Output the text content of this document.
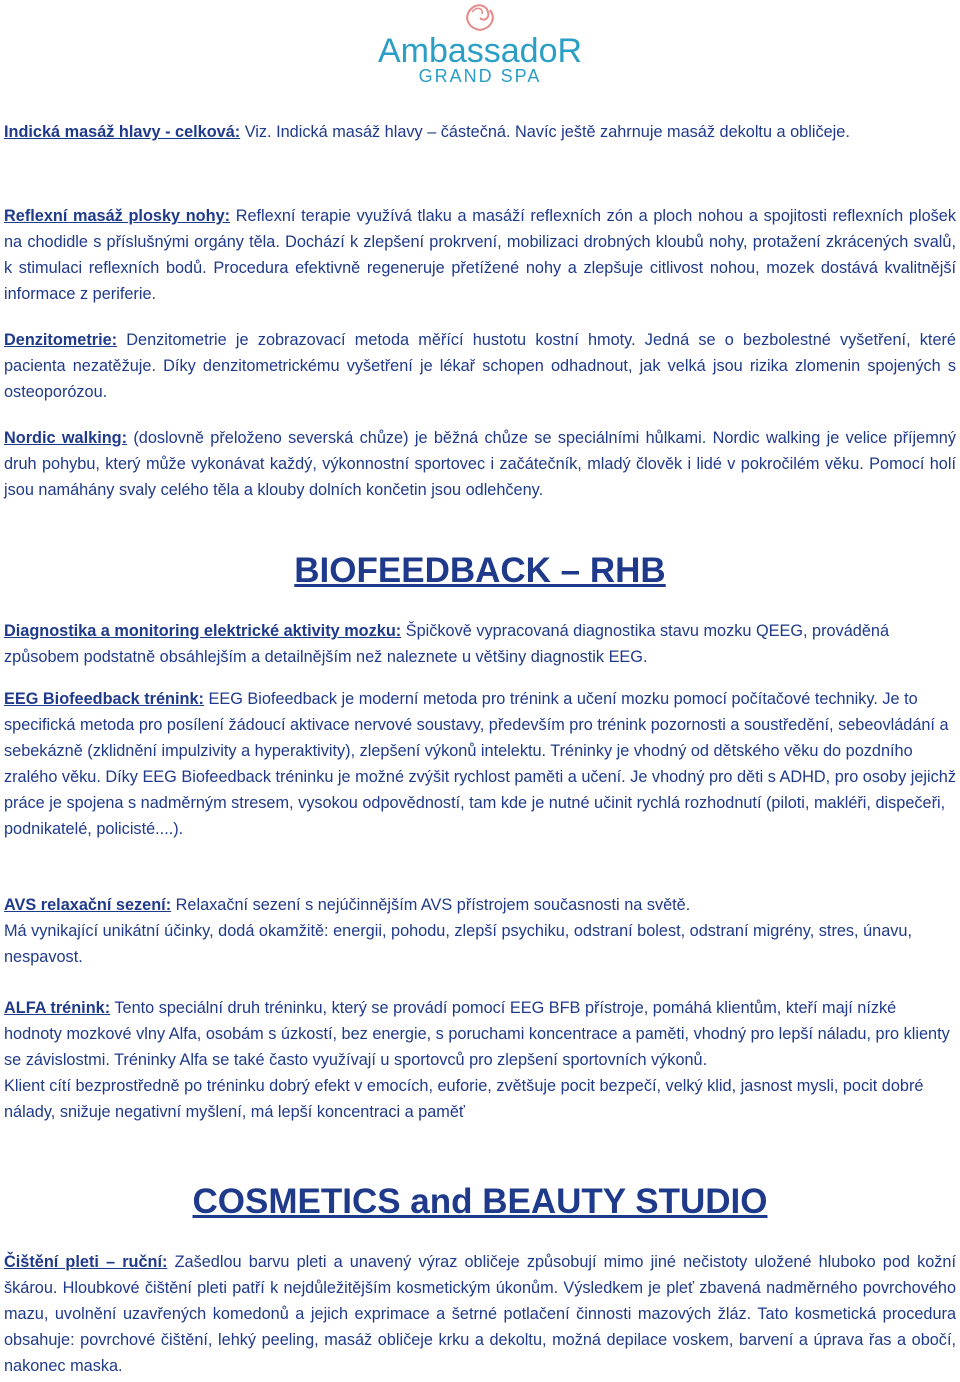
AmbassadoR
GRAND SPA

Indická masáž hlavy - celková: Viz. Indická masáž hlavy – částečná. Navíc ještě zahrnuje masáž dekoltu a obličeje.

Reflexní masáž plosky nohy: Reflexní terapie využívá tlaku a masáží reflexních zón a ploch nohou a spojitosti reflexních plošek na chodidle s příslušnými orgány těla. Dochází k zlepšení prokrvení, mobilizaci drobných kloubů nohy, protažení zkrácených svalů, k stimulaci reflexních bodů. Procedura efektivně regeneruje přetížené nohy a zlepšuje citlivost nohou, mozek dostává kvalitnější informace z periferie.

Denzitometrie: Denzitometrie je zobrazovací metoda měřící hustotu kostní hmoty. Jedná se o bezbolestné vyšetření, které pacienta nezatěžuje. Díky denzitometrickému vyšetření je lékař schopen odhadnout, jak velká jsou rizika zlomenin spojených s osteoporózou.

Nordic walking: (doslovně přeloženo severská chůze) je běžná chůze se speciálními hůlkami. Nordic walking je velice příjemný druh pohybu, který může vykonávat každý, výkonnostní sportovec i začátečník, mladý člověk i lidé v pokročilém věku. Pomocí holí jsou namáhány svaly celého těla a klouby dolních končetin jsou odlehčeny.

BIOFEEDBACK – RHB

Diagnostika a monitoring elektrické aktivity mozku: Špičkově vypracovaná diagnostika stavu mozku QEEG, prováděná způsobem podstatně obsáhlejším a detailnějším než naleznete u většiny diagnostik EEG.

EEG Biofeedback trénink: EEG Biofeedback je moderní metoda pro trénink a učení mozku pomocí počítačové techniky. Je to specifická metoda pro posílení žádoucí aktivace nervové soustavy, především pro trénink pozornosti a soustředění, sebeovládání a sebekázně (zklidnění impulzivity a hyperaktivity), zlepšení výkonů intelektu. Tréninky je vhodný od dětského věku do pozdního zralého věku. Díky EEG Biofeedback tréninku je možné zvýšit rychlost paměti a učení. Je vhodný pro děti s ADHD, pro osoby jejichž práce je spojena s nadměrným stresem, vysokou odpovědností, tam kde je nutné učinit rychlá rozhodnutí (piloti, makléři, dispečeři, podnikatelé, policisté....).

AVS relaxační sezení: Relaxační sezení s nejúčinnějším AVS přístrojem současnosti na světě.
Má vynikající unikátní účinky, dodá okamžitě: energii, pohodu, zlepší psychiku, odstraní bolest, odstraní migrény, stres, únavu, nespavost.

ALFA trénink: Tento speciální druh tréninku, který se provádí pomocí EEG BFB přístroje, pomáhá klientům, kteří mají nízké hodnoty mozkové vlny Alfa, osobám s úzkostí, bez energie, s poruchami koncentrace a paměti, vhodný pro lepší náladu, pro klienty se závislostmi. Tréninky Alfa se také často využívají u sportovců pro zlepšení sportovních výkonů.
Klient cítí bezprostředně po tréninku dobrý efekt v emocích, euforie, zvětšuje pocit bezpečí, velký klid, jasnost mysli, pocit dobré nálady, snižuje negativní myšlení, má lepší koncentraci a paměť

COSMETICS and BEAUTY STUDIO

Čištění pleti – ruční: Zašedlou barvu pleti a unavený výraz obličeje způsobují mimo jiné nečistoty uložené hluboko pod kožní škárou. Hloubkové čištění pleti patří k nejdůležitějším kosmetickým úkonům. Výsledkem je pleť zbavená nadměrného povrchového mazu, uvolnění uzavřených komedonů a jejich exprimace a šetrné potlačení činnosti mazových žláz. Tato kosmetická procedura obsahuje: povrchové čištění, lehký peeling, masáž obličeje krku a dekoltu, možná depilace voskem, barvení a úprava řas a obočí, nakonec maska.
